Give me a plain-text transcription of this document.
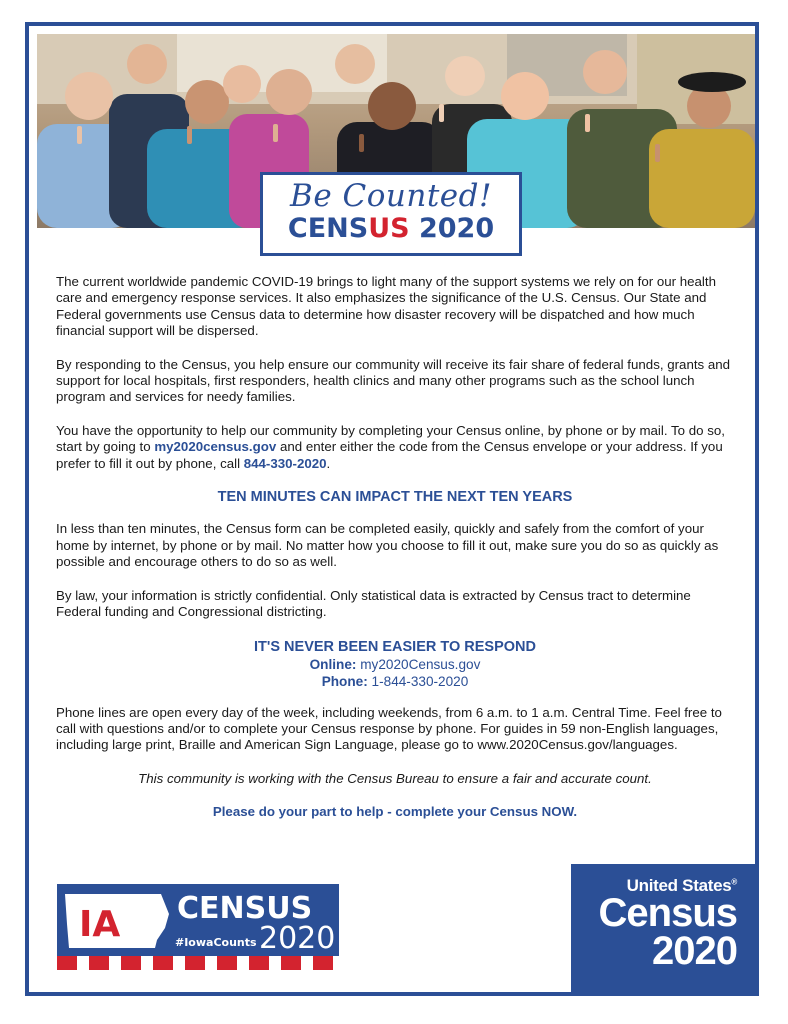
Be Counted!
CENSUS 2020

The current worldwide pandemic COVID-19 brings to light many of the support systems we rely on for our health care and emergency response services. It also emphasizes the significance of the U.S. Census. Our State and Federal governments use Census data to determine how disaster recovery will be dispatched and how much financial support will be dispersed.

By responding to the Census, you help ensure our community will receive its fair share of federal funds, grants and support for local hospitals, first responders, health clinics and many other programs such as the school lunch program and services for needy families.

You have the opportunity to help our community by completing your Census online, by phone or by mail. To do so, start by going to my2020census.gov and enter either the code from the Census envelope or your address. If you prefer to fill it out by phone, call 844-330-2020.

TEN MINUTES CAN IMPACT THE NEXT TEN YEARS

In less than ten minutes, the Census form can be completed easily, quickly and safely from the comfort of your home by internet, by phone or by mail. No matter how you choose to fill it out, make sure you do so as quickly as possible and encourage others to do so as well.

By law, your information is strictly confidential. Only statistical data is extracted by Census tract to determine Federal funding and Congressional districting.

IT'S NEVER BEEN EASIER TO RESPOND
Online: my2020Census.gov
Phone: 1-844-330-2020

Phone lines are open every day of the week, including weekends, from 6 a.m. to 1 a.m. Central Time. Feel free to call with questions and/or to complete your Census response by phone. For guides in 59 non-English languages, including large print, Braille and American Sign Language, please go to www.2020Census.gov/languages.

This community is working with the Census Bureau to ensure a fair and accurate count.

Please do your part to help - complete your Census NOW.

IA CENSUS
#IowaCounts 2020
United States®
Census
2020
